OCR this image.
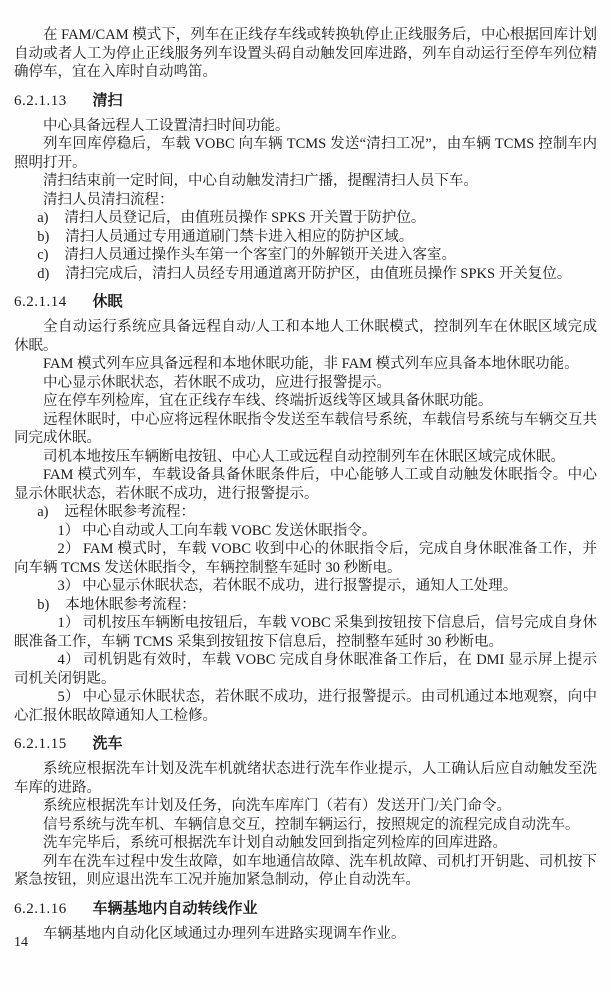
在 FAM/CAM 模式下，列车在正线存车线或转换轨停止正线服务后，中心根据回库计划自动或者人工为停止正线服务列车设置头码自动触发回库进路，列车自动运行至停车列位精确停车，宜在入库时自动鸣笛。

6.2.1.13 清扫

中心具备远程人工设置清扫时间功能。

列车回库停稳后，车载 VOBC 向车辆 TCMS 发送“清扫工况”，由车辆 TCMS 控制车内照明打开。

清扫结束前一定时间，中心自动触发清扫广播，提醒清扫人员下车。

清扫人员清扫流程：

a) 清扫人员登记后，由值班员操作 SPKS 开关置于防护位。

b) 清扫人员通过专用通道刷门禁卡进入相应的防护区域。

c) 清扫人员通过操作头车第一个客室门的外解锁开关进入客室。

d) 清扫完成后，清扫人员经专用通道离开防护区，由值班员操作 SPKS 开关复位。

6.2.1.14 休眠

全自动运行系统应具备远程自动/人工和本地人工休眠模式，控制列车在休眠区域完成休眠。

FAM 模式列车应具备远程和本地休眠功能，非 FAM 模式列车应具备本地休眠功能。

中心显示休眠状态，若休眠不成功，应进行报警提示。

应在停车列检库，宜在正线存车线、终端折返线等区域具备休眠功能。

远程休眠时，中心应将远程休眠指令发送至车载信号系统，车载信号系统与车辆交互共同完成休眠。

司机本地按压车辆断电按钮、中心人工或远程自动控制列车在休眠区域完成休眠。

FAM 模式列车，车载设备具备休眠条件后，中心能够人工或自动触发休眠指令。中心显示休眠状态，若休眠不成功，进行报警提示。

a) 远程休眠参考流程：

1） 中心自动或人工向车载 VOBC 发送休眠指令。

2） FAM 模式时，车载 VOBC 收到中心的休眠指令后，完成自身休眠准备工作，并向车辆 TCMS 发送休眠指令，车辆控制整车延时 30 秒断电。

3） 中心显示休眠状态，若休眠不成功，进行报警提示，通知人工处理。

b) 本地休眠参考流程：

1） 司机按压车辆断电按钮后，车载 VOBC 采集到按钮按下信息后，信号完成自身休眠准备工作，车辆 TCMS 采集到按钮按下信息后，控制整车延时 30 秒断电。

4） 司机钥匙有效时，车载 VOBC 完成自身休眠准备工作后，在 DMI 显示屏上提示司机关闭钥匙。

5） 中心显示休眠状态，若休眠不成功，进行报警提示。由司机通过本地观察，向中心汇报休眠故障通知人工检修。

6.2.1.15 洗车

系统应根据洗车计划及洗车机就绪状态进行洗车作业提示，人工确认后应自动触发至洗车库的进路。

系统应根据洗车计划及任务，向洗车库库门（若有）发送开门/关门命令。

信号系统与洗车机、车辆信息交互，控制车辆运行，按照规定的流程完成自动洗车。

洗车完毕后，系统可根据洗车计划自动触发回到指定列检库的回库进路。

列车在洗车过程中发生故障，如车地通信故障、洗车机故障、司机打开钥匙、司机按下紧急按钮，则应退出洗车工况并施加紧急制动，停止自动洗车。

6.2.1.16 车辆基地内自动转线作业

车辆基地内自动化区域通过办理列车进路实现调车作业。

14
